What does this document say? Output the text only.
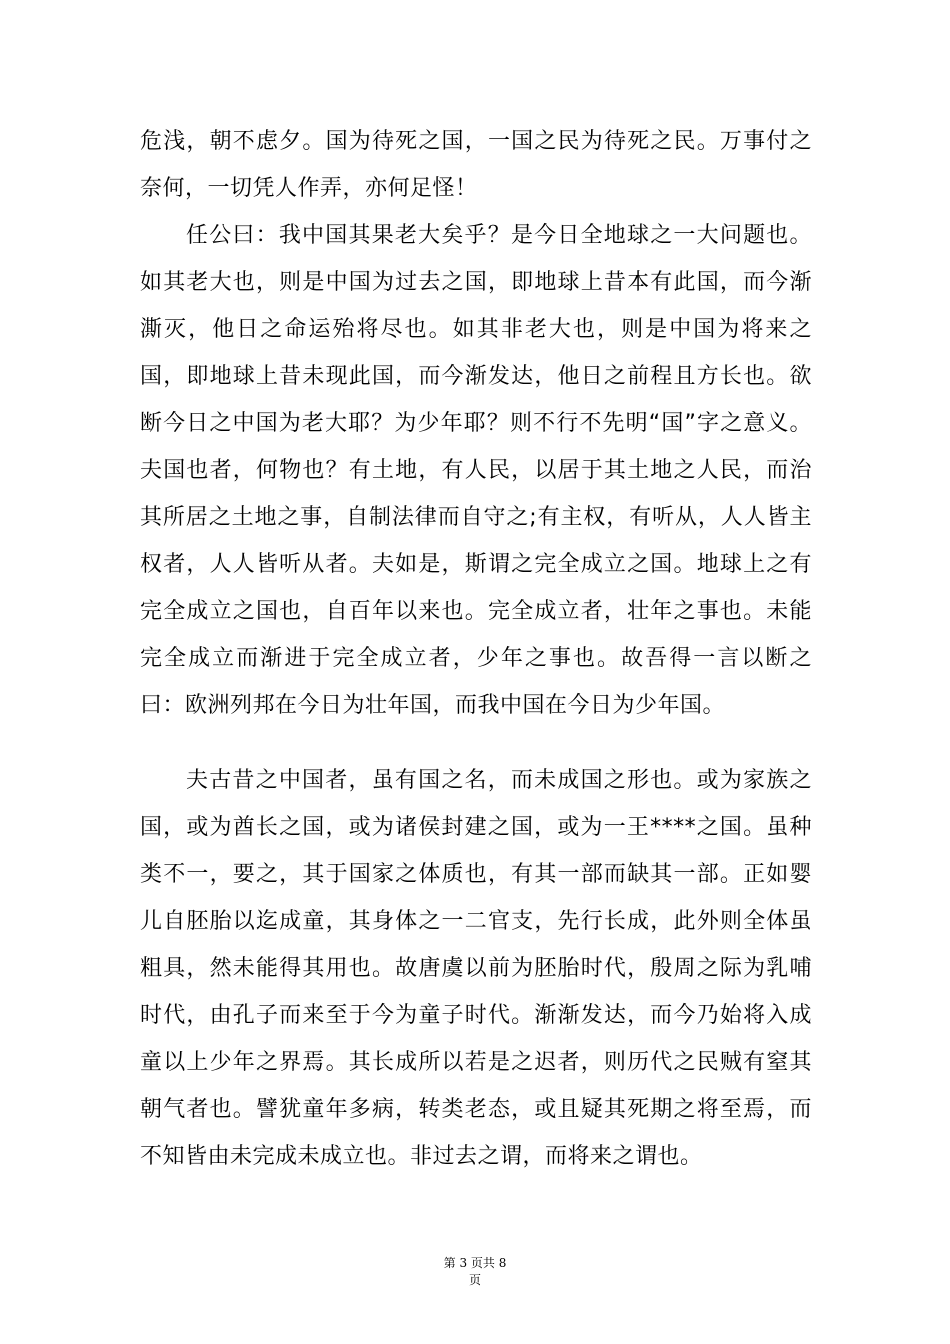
危浅，朝不虑夕。国为待死之国，一国之民为待死之民。万事付之奈何，一切凭人作弄，亦何足怪！

任公曰：我中国其果老大矣乎？是今日全地球之一大问题也。如其老大也，则是中国为过去之国，即地球上昔本有此国，而今渐澌灭，他日之命运殆将尽也。如其非老大也，则是中国为将来之国，即地球上昔未现此国，而今渐发达，他日之前程且方长也。欲断今日之中国为老大耶？为少年耶？则不行不先明“国”字之意义。夫国也者，何物也？有土地，有人民，以居于其土地之人民，而治其所居之土地之事，自制法律而自守之;有主权，有听从，人人皆主权者，人人皆听从者。夫如是，斯谓之完全成立之国。地球上之有完全成立之国也，自百年以来也。完全成立者，壮年之事也。未能完全成立而渐进于完全成立者，少年之事也。故吾得一言以断之曰：欧洲列邦在今日为壮年国，而我中国在今日为少年国。

夫古昔之中国者，虽有国之名，而未成国之形也。或为家族之国，或为酋长之国，或为诸侯封建之国，或为一王****之国。虽种类不一，要之，其于国家之体质也，有其一部而缺其一部。正如婴儿自胚胎以迄成童，其身体之一二官支，先行长成，此外则全体虽粗具，然未能得其用也。故唐虞以前为胚胎时代，殷周之际为乳哺时代，由孔子而来至于今为童子时代。渐渐发达，而今乃始将入成童以上少年之界焉。其长成所以若是之迟者，则历代之民贼有窒其朝气者也。譬犹童年多病，转类老态，或且疑其死期之将至焉，而不知皆由未完成未成立也。非过去之谓，而将来之谓也。

第 3 页共 8
页
